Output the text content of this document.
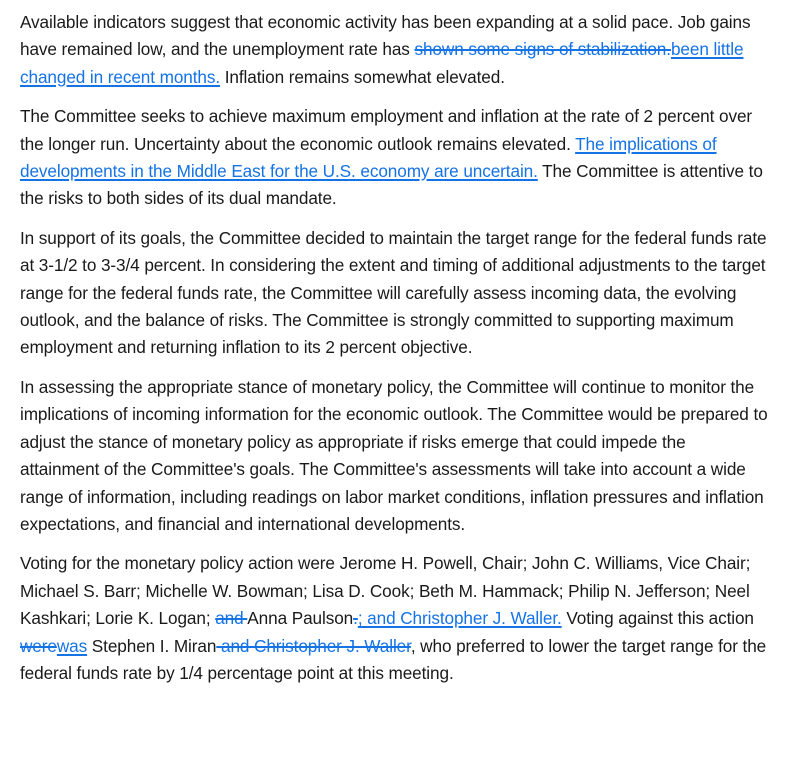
Available indicators suggest that economic activity has been expanding at a solid pace. Job gains have remained low, and the unemployment rate has shown some signs of stabilization.been little changed in recent months. Inflation remains somewhat elevated.

The Committee seeks to achieve maximum employment and inflation at the rate of 2 percent over the longer run. Uncertainty about the economic outlook remains elevated. The implications of developments in the Middle East for the U.S. economy are uncertain. The Committee is attentive to the risks to both sides of its dual mandate.

In support of its goals, the Committee decided to maintain the target range for the federal funds rate at 3-1/2 to 3-3/4 percent. In considering the extent and timing of additional adjustments to the target range for the federal funds rate, the Committee will carefully assess incoming data, the evolving outlook, and the balance of risks. The Committee is strongly committed to supporting maximum employment and returning inflation to its 2 percent objective.

In assessing the appropriate stance of monetary policy, the Committee will continue to monitor the implications of incoming information for the economic outlook. The Committee would be prepared to adjust the stance of monetary policy as appropriate if risks emerge that could impede the attainment of the Committee's goals. The Committee's assessments will take into account a wide range of information, including readings on labor market conditions, inflation pressures and inflation expectations, and financial and international developments.

Voting for the monetary policy action were Jerome H. Powell, Chair; John C. Williams, Vice Chair; Michael S. Barr; Michelle W. Bowman; Lisa D. Cook; Beth M. Hammack; Philip N. Jefferson; Neel Kashkari; Lorie K. Logan; and Anna Paulson.; and Christopher J. Waller. Voting against this action werewas Stephen I. Miran and Christopher J. Waller, who preferred to lower the target range for the federal funds rate by 1/4 percentage point at this meeting.
